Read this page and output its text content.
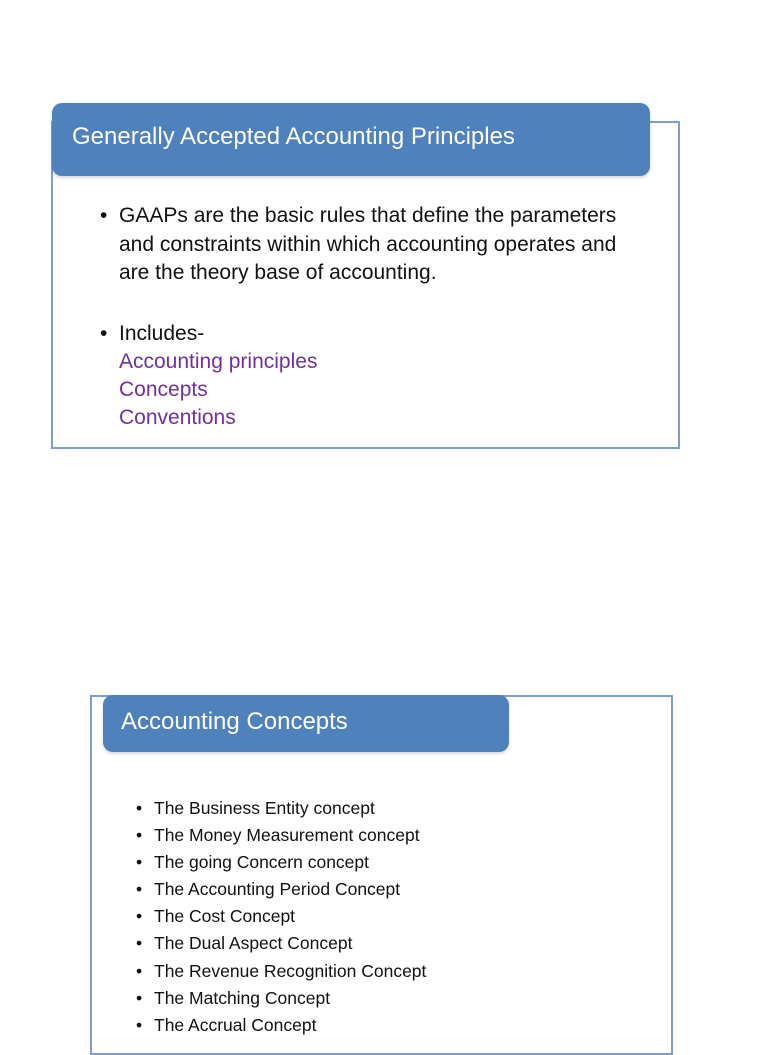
Generally Accepted Accounting Principles
• GAAPs are the basic rules that define the parameters and constraints within which accounting operates and are the theory base of accounting.
• Includes-
Accounting principles
Concepts
Conventions
Accounting Concepts
• The Business Entity concept
• The Money Measurement concept
• The going Concern concept
• The Accounting Period Concept
• The Cost Concept
• The Dual Aspect Concept
• The Revenue Recognition Concept
• The Matching Concept
• The Accrual Concept
